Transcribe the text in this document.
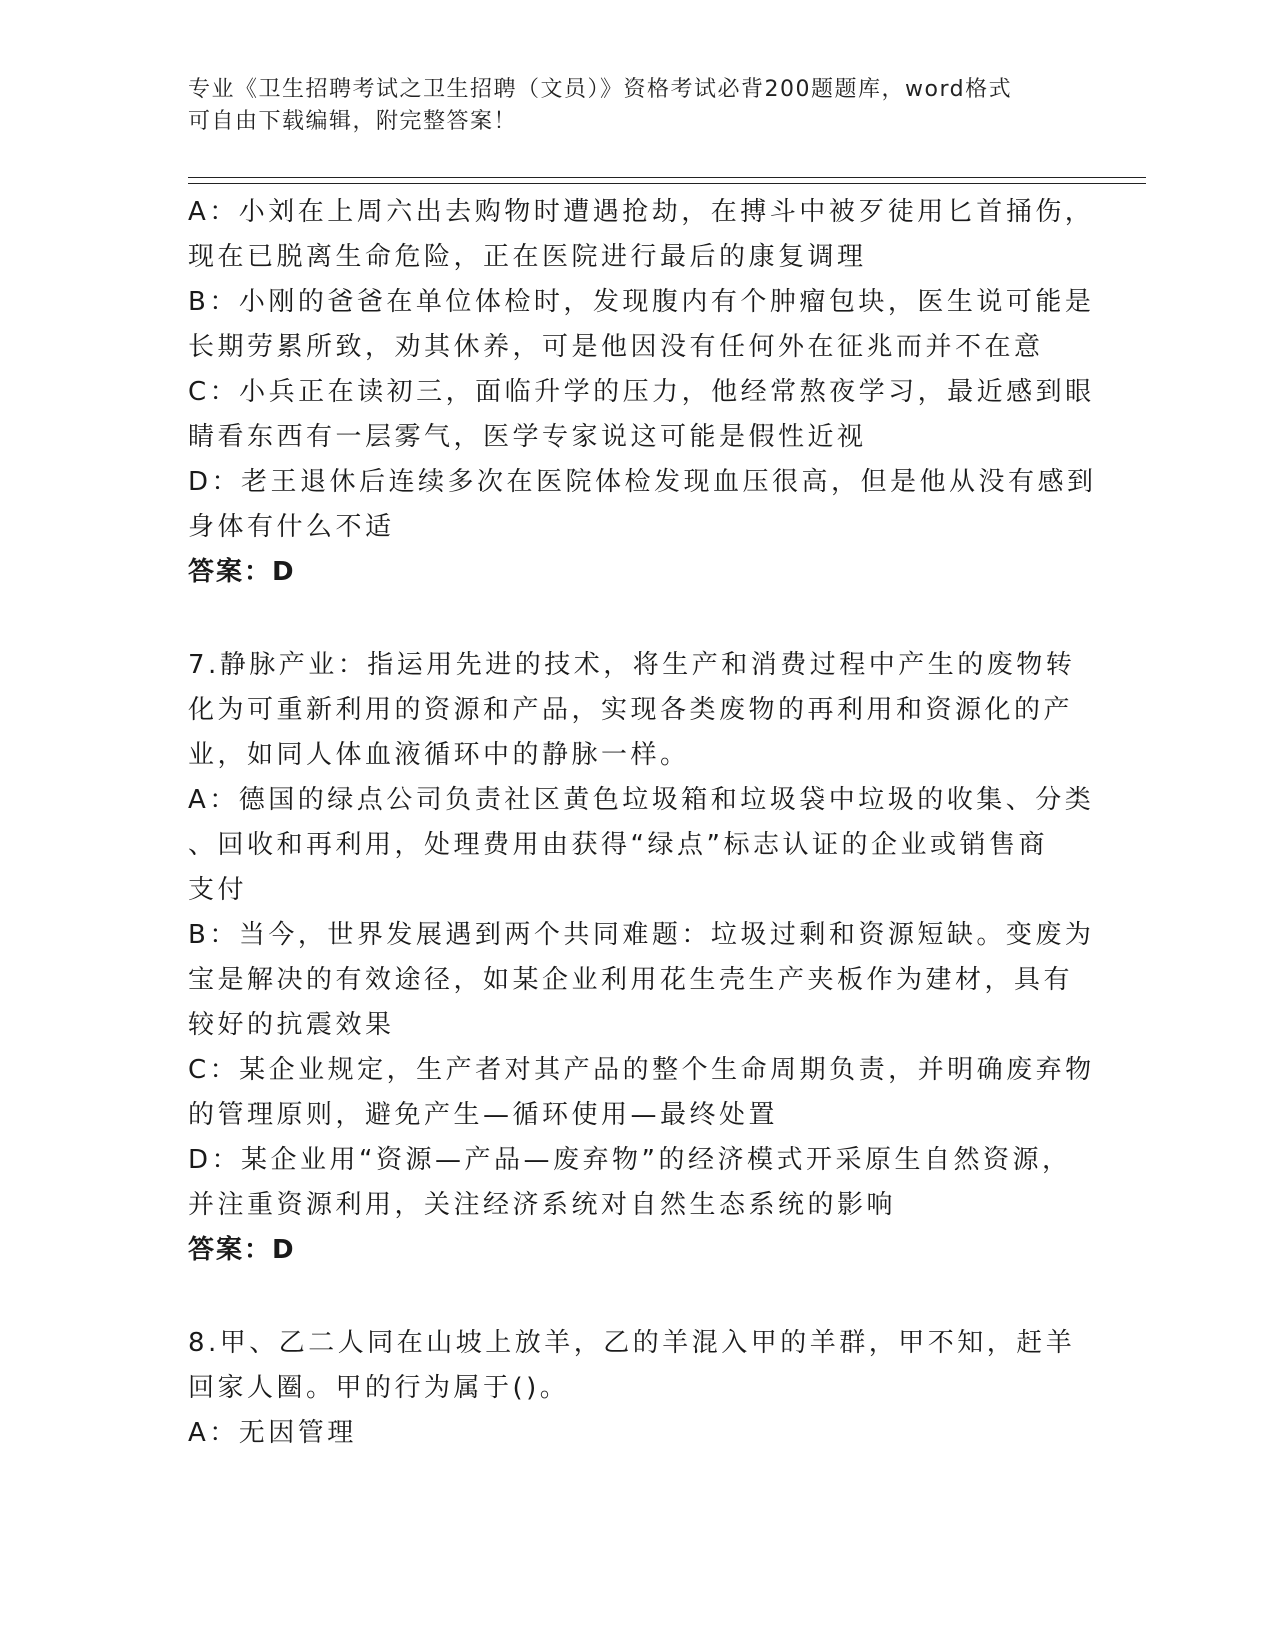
专业《卫生招聘考试之卫生招聘（文员）》资格考试必背200题题库，word格式
可自由下载编辑，附完整答案！
A：小刘在上周六出去购物时遭遇抢劫，在搏斗中被歹徒用匕首捅伤，
现在已脱离生命危险，正在医院进行最后的康复调理
B：小刚的爸爸在单位体检时，发现腹内有个肿瘤包块，医生说可能是
长期劳累所致，劝其休养，可是他因没有任何外在征兆而并不在意
C：小兵正在读初三，面临升学的压力，他经常熬夜学习，最近感到眼
睛看东西有一层雾气，医学专家说这可能是假性近视
D：老王退休后连续多次在医院体检发现血压很高，但是他从没有感到
身体有什么不适
答案：D
7.静脉产业：指运用先进的技术，将生产和消费过程中产生的废物转
化为可重新利用的资源和产品，实现各类废物的再利用和资源化的产
业，如同人体血液循环中的静脉一样。
A：德国的绿点公司负责社区黄色垃圾箱和垃圾袋中垃圾的收集、分类
、回收和再利用，处理费用由获得“绿点”标志认证的企业或销售商
支付
B：当今，世界发展遇到两个共同难题：垃圾过剩和资源短缺。变废为
宝是解决的有效途径，如某企业利用花生壳生产夹板作为建材，具有
较好的抗震效果
C：某企业规定，生产者对其产品的整个生命周期负责，并明确废弃物
的管理原则，避免产生—循环使用—最终处置
D：某企业用“资源—产品—废弃物”的经济模式开采原生自然资源，
并注重资源利用，关注经济系统对自然生态系统的影响
答案：D
8.甲、乙二人同在山坡上放羊，乙的羊混入甲的羊群，甲不知，赶羊
回家人圈。甲的行为属于()。
A：无因管理
